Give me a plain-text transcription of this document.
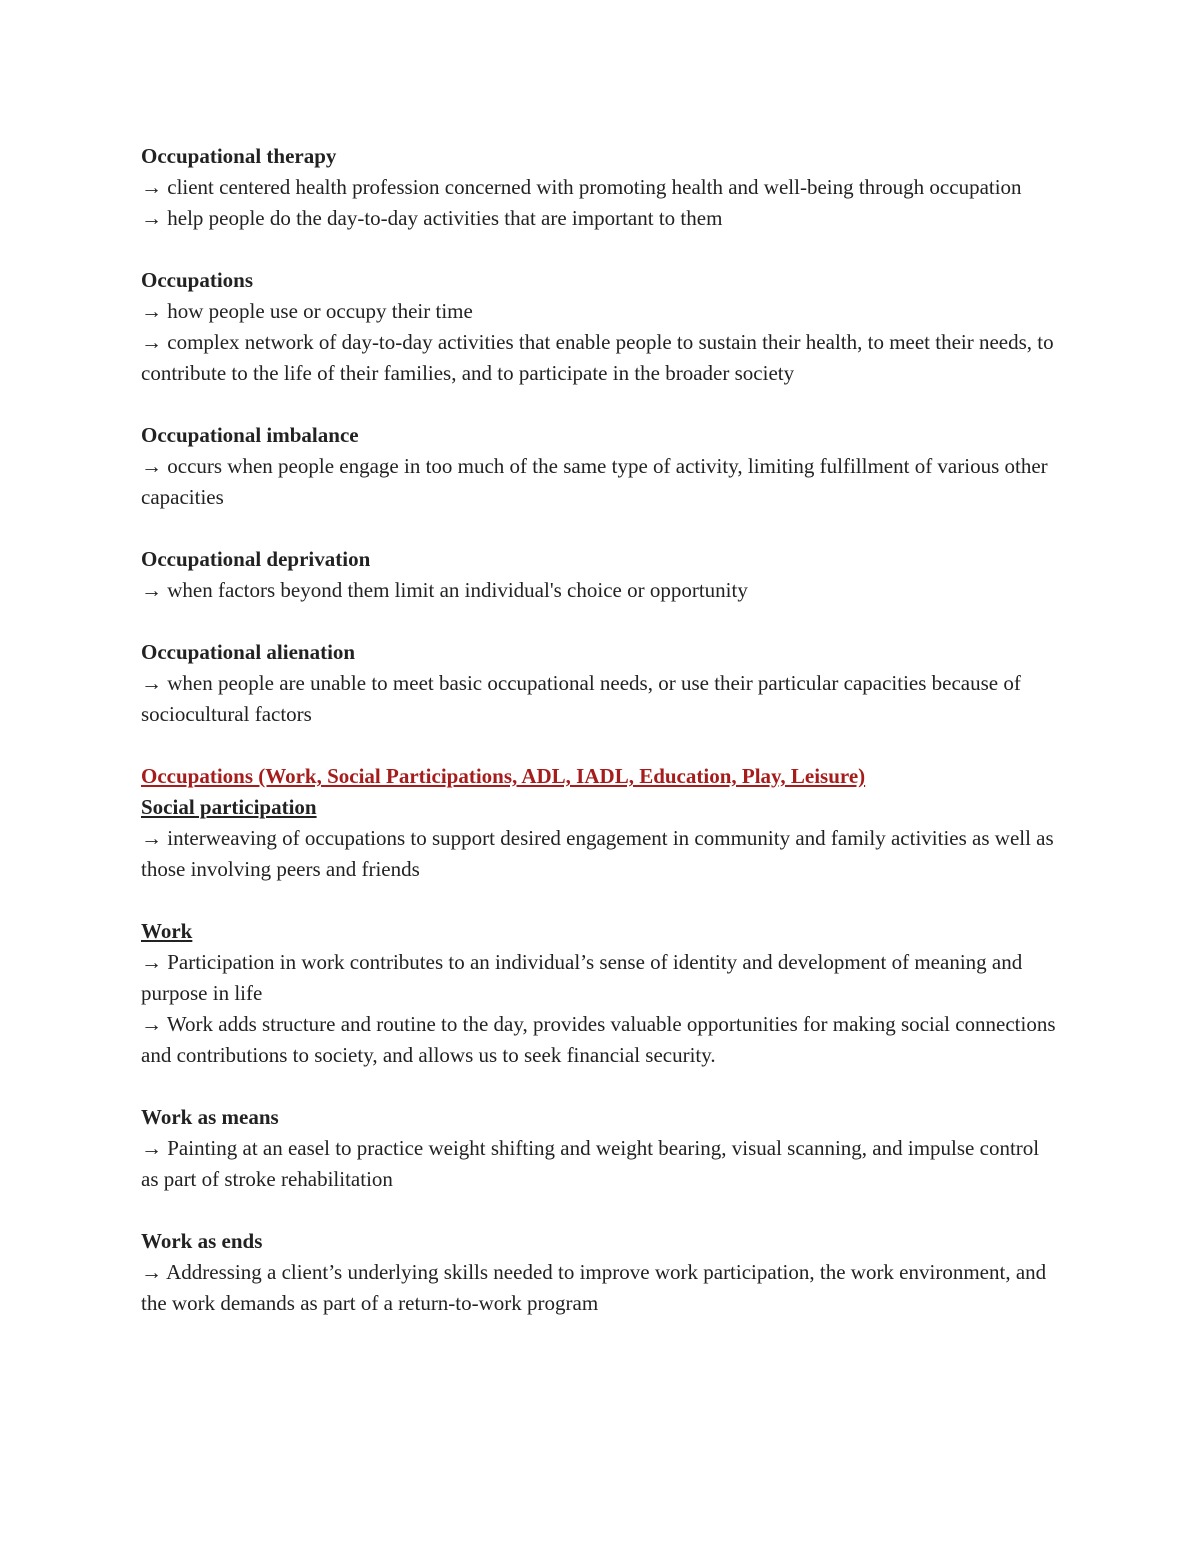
Occupational therapy

→ client centered health profession concerned with promoting health and well-being through occupation

→ help people do the day-to-day activities that are important to them

Occupations

→ how people use or occupy their time

→ complex network of day-to-day activities that enable people to sustain their health, to meet their needs, to contribute to the life of their families, and to participate in the broader society

Occupational imbalance

→ occurs when people engage in too much of the same type of activity, limiting fulfillment of various other capacities

Occupational deprivation

→ when factors beyond them limit an individual's choice or opportunity

Occupational alienation

→ when people are unable to meet basic occupational needs, or use their particular capacities because of sociocultural factors

Occupations (Work, Social Participations, ADL, IADL, Education, Play, Leisure)

Social participation

→ interweaving of occupations to support desired engagement in community and family activities as well as those involving peers and friends

Work

→ Participation in work contributes to an individual’s sense of identity and development of meaning and purpose in life

→ Work adds structure and routine to the day, provides valuable opportunities for making social connections and contributions to society, and allows us to seek financial security.

Work as means

→ Painting at an easel to practice weight shifting and weight bearing, visual scanning, and impulse control as part of stroke rehabilitation

Work as ends

→ Addressing a client’s underlying skills needed to improve work participation, the work environment, and the work demands as part of a return-to-work program
